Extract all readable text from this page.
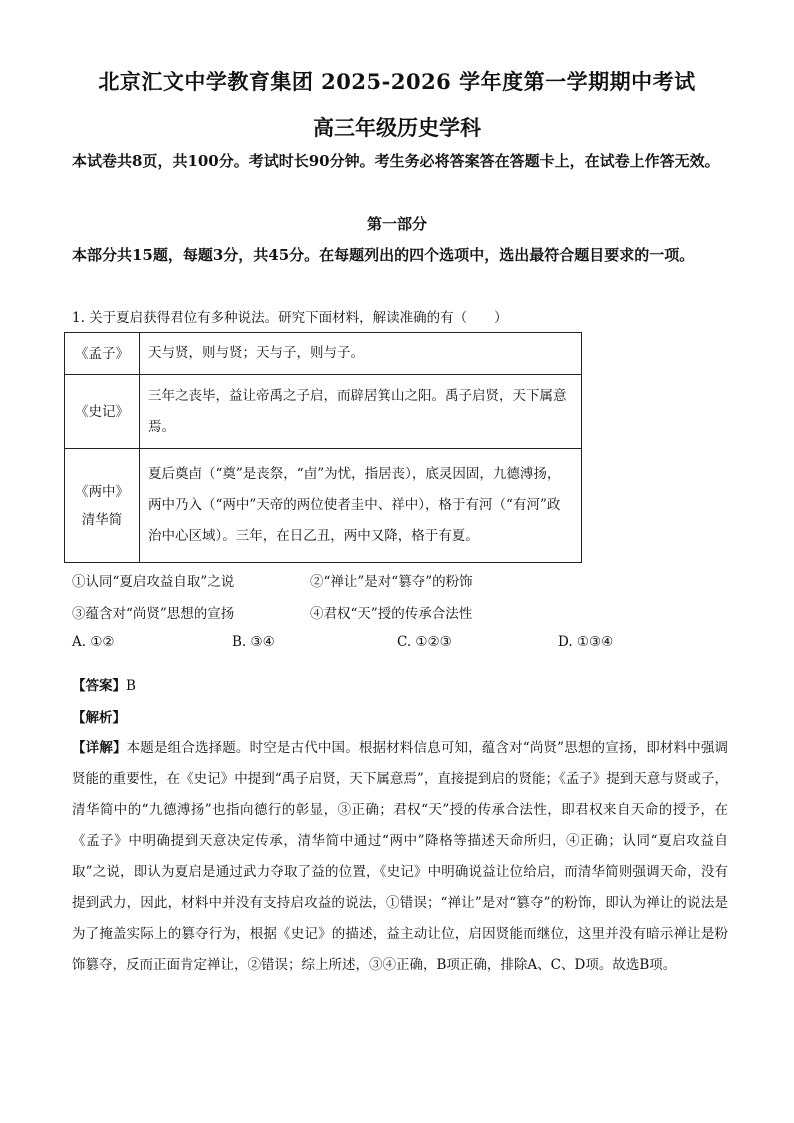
北京汇文中学教育集团 2025-2026 学年度第一学期期中考试
高三年级历史学科
本试卷共8页，共100分。考试时长90分钟。考生务必将答案答在答题卡上，在试卷上作答无效。
第一部分
本部分共15题，每题3分，共45分。在每题列出的四个选项中，选出最符合题目要求的一项。
1. 关于夏启获得君位有多种说法。研究下面材料，解读准确的有（　　）
《孟子》	天与贤，则与贤；天与子，则与子。
《史记》	三年之丧毕，益让帝禹之子启，而辟居箕山之阳。禹子启贤，天下属意焉。
《两中》清华简	夏后奠卣（“奠”是丧祭，“卣”为忧，指居丧），底灵因固，九德溥扬，两中乃入（“两中”天帝的两位使者圭中、祥中），格于有河（“有河”政治中心区域）。三年，在日乙丑，两中又降，格于有夏。
①认同“夏启攻益自取”之说	②“禅让”是对“篡夺”的粉饰
③蕴含对“尚贤”思想的宣扬	④君权“天”授的传承合法性
A. ①②	B. ③④	C. ①②③	D. ①③④
【答案】B
【解析】
【详解】本题是组合选择题。时空是古代中国。根据材料信息可知，蕴含对“尚贤”思想的宣扬，即材料中强调贤能的重要性，在《史记》中提到“禹子启贤，天下属意焉”，直接提到启的贤能；《孟子》提到天意与贤或子，清华简中的“九德溥扬”也指向德行的彰显，③正确；君权“天”授的传承合法性，即君权来自天命的授予，在《孟子》中明确提到天意决定传承，清华简中通过“两中”降格等描述天命所归，④正确；认同“夏启攻益自取”之说，即认为夏启是通过武力夺取了益的位置，《史记》中明确说益让位给启，而清华简则强调天命，没有提到武力，因此，材料中并没有支持启攻益的说法，①错误；“禅让”是对“篡夺”的粉饰，即认为禅让的说法是为了掩盖实际上的篡夺行为，根据《史记》的描述，益主动让位，启因贤能而继位，这里并没有暗示禅让是粉饰篡夺，反而正面肯定禅让，②错误；综上所述，③④正确，B项正确，排除A、C、D项。故选B项。
